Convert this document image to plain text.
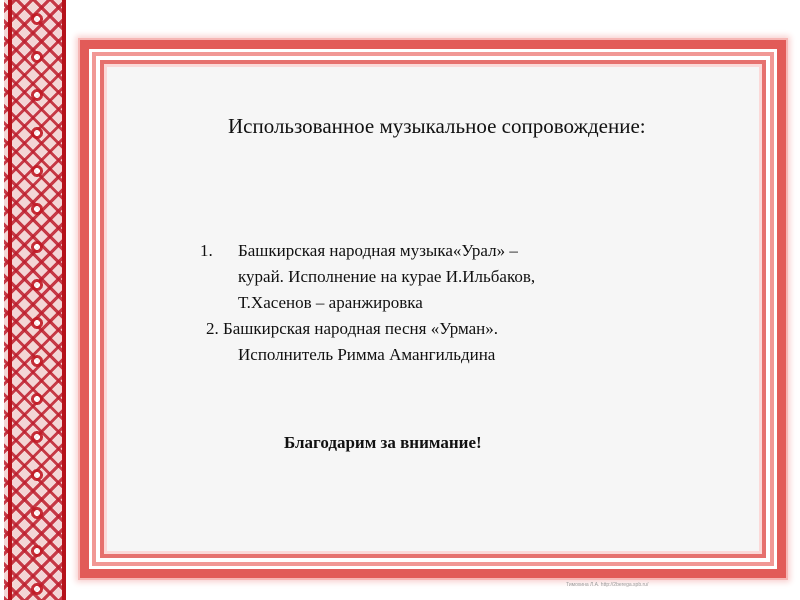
Использованное музыкальное сопровождение:
1. Башкирская народная музыка«Урал» –
курай. Исполнение на курае И.Ильбаков,
Т.Хасенов – аранжировка
2. Башкирская народная песня «Урман».
Исполнитель Римма Амангильдина
Благодарим за внимание!
Тимохина Л.А. http://2berega.spb.ru/
